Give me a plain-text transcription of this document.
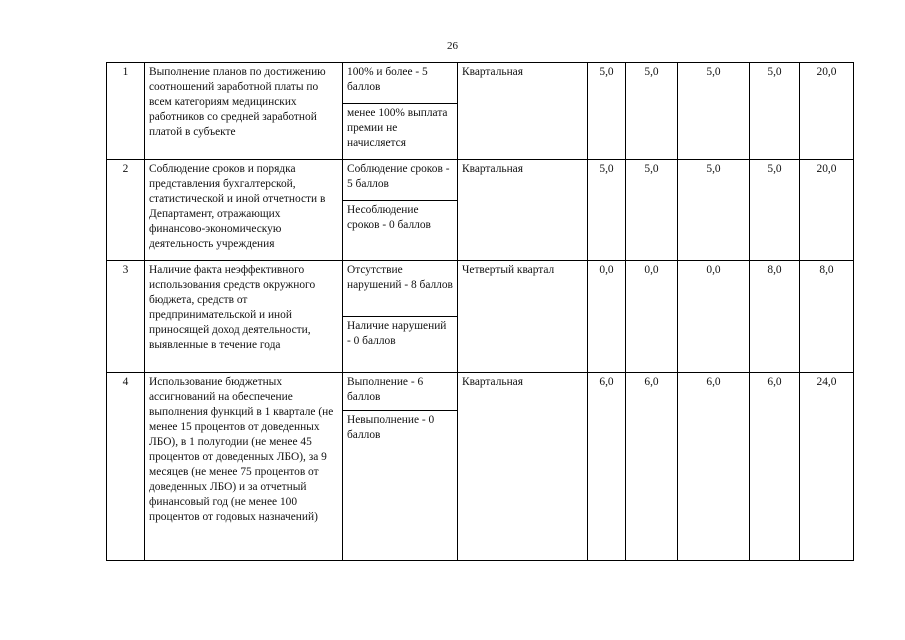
26
1	Выполнение планов по достижению соотношений заработной платы по всем категориям медицинских работников со средней заработной платой в субъекте	100% и более - 5 баллов	Квартальная	5,0	5,0	5,0	5,0	20,0
		менее 100% выплата премии не начисляется						
2	Соблюдение сроков и порядка представления бухгалтерской, статистической и иной отчетности в Департамент, отражающих финансово-экономическую деятельность учреждения	Соблюдение сроков - 5 баллов	Квартальная	5,0	5,0	5,0	5,0	20,0
		Несоблюдение сроков - 0 баллов						
3	Наличие факта неэффективного использования средств окружного бюджета, средств от предпринимательской и иной приносящей доход деятельности, выявленные в течение года	Отсутствие нарушений - 8 баллов	Четвертый квартал	0,0	0,0	0,0	8,0	8,0
		Наличие нарушений - 0 баллов						
4	Использование бюджетных ассигнований на обеспечение выполнения функций в 1 квартале (не менее 15 процентов от доведенных ЛБО), в 1 полугодии (не менее 45 процентов от доведенных ЛБО), за 9 месяцев (не менее 75 процентов от доведенных ЛБО) и за отчетный финансовый год (не менее 100 процентов от годовых назначений)	Выполнение - 6 баллов	Квартальная	6,0	6,0	6,0	6,0	24,0
		Невыполнение - 0 баллов						
